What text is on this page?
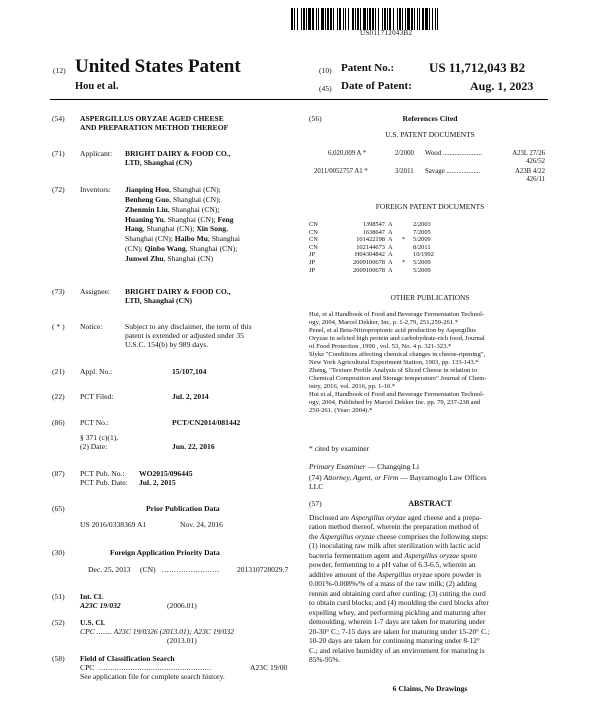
US011712043B2
(12) United States Patent
Hou et al.
(10) Patent No.:	US 11,712,043 B2
(45) Date of Patent:	Aug. 1, 2023
(54) ASPERGILLUS ORYZAE AGED CHEESE
AND PREPARATION METHOD THEREOF
(71) Applicant: BRIGHT DAIRY & FOOD CO.,
LTD, Shanghai (CN)
(72) Inventors: Jianping Hou, Shanghai (CN);
Benheng Guo, Shanghai (CN);
Zhenmin Liu, Shanghai (CN);
Huaning Yu, Shanghai (CN); Feng
Hang, Shanghai (CN); Xin Song,
Shanghai (CN); Haibo Mu, Shanghai
(CN); Qinbo Wang, Shanghai (CN);
Junwei Zhu, Shanghai (CN)
(73) Assignee: BRIGHT DAIRY & FOOD CO.,
LTD, Shanghai (CN)
( * ) Notice:	Subject to any disclaimer, the term of this
patent is extended or adjusted under 35
U.S.C. 154(b) by 989 days.
(21) Appl. No.:	15/107,104
(22) PCT Filed:	Jul. 2, 2014
(86) PCT No.:	PCT/CN2014/081442
§ 371 (c)(1),
(2) Date:	Jun. 22, 2016
(87) PCT Pub. No.: WO2015/096445
PCT Pub. Date: Jul. 2, 2015
(65)	Prior Publication Data
US 2016/0338369 A1	Nov. 24, 2016
(30)	Foreign Application Priority Data
Dec. 25, 2013 (CN) ........................ 201310728029.7
(51) Int. Cl.
A23C 19/032	(2006.01)
(52) U.S. Cl.
CPC ........ A23C 19/0326 (2013.01); A23C 19/032
(2013.01)
(58) Field of Classification Search
CPC ..................................................	A23C 19/00
See application file for complete search history.
(56)	References Cited
U.S. PATENT DOCUMENTS
6,020,009 A *	2/2000 Wood .......................	A23L 27/26
426/52
2011/0052757 A1 *	3/2011 Savage ....................	A23B 4/22
426/11
FOREIGN PATENT DOCUMENTS
CN	1398547 A	2/2003
CN	1638647 A	7/2005
CN	101422198 A * 5/2009
CN	102144673 A	8/2011
JP	H04304842 A	10/1992
JP	2009100678 A * 5/2009
JP	2009100678 A	5/2009
OTHER PUBLICATIONS
Hui, et al Handbook of Food and Beverage Fermentation Technol-
ogy, 2004, Marcel Dekker, Inc, p. 1-2,79, 251,259-261.*
Penel, et al Beta-Nitropropionic acid production by Aspergillus
Oryzae in selcted high protein and carbohydrate-rich food, Journal
of Food Protection ,1990 , vol. 53, No. 4 p. 321-323.*
Slyke "Conditions affecting chemical changes in cheese-ripening",
New York Agricultural Experiment Station, 1903, pp. 133-143.*
Zheng, "Texture Profile Analysis of Sliced Cheese in relation to
Chemical Composition and Storage temperature" Journal of Chem-
istry, 2016, vol. 2016, pp. 1-10.*
Hui et al, Handbook of Food and Beverage Fermentation Technol-
ogy, 2004, Published by Marcel Dekker Inc. pp. 79, 237-238 and
250-261. (Year: 2004).*
* cited by examiner
Primary Examiner — Changqing Li
(74) Attorney, Agent, or Firm — Bayramoglu Law Offices
LLC
(57)	ABSTRACT
Disclosed are Aspergillus oryzae aged cheese and a prepa-
ration method thereof, wherein the preparation method of
the Aspergillus oryzae cheese comprises the following steps:
(1) inoculating raw milk after sterilization with lactic acid
bacteria fermentation agent and Aspergillus oryzae spore
powder, fermenting to a pH value of 6.3-6.5, wherein an
additive amount of the Aspergillus oryzae spore powder is
0.001%-0.008%/% of a mass of the raw milk; (2) adding
rennin and obtaining curd after curding; (3) cutting the curd
to obtain curd blocks; and (4) moulding the curd blocks after
expelling whey, and performing pickling and maturing after
demoulding, wherein 1-7 days are taken for maturing under
20-30° C.; 7-15 days are taken for maturing under 15-20° C.;
10-20 days are taken for continuing maturing under 8-12°
C.; and relative humidity of an environment for maturing is
85%-95%.
6 Claims, No Drawings
